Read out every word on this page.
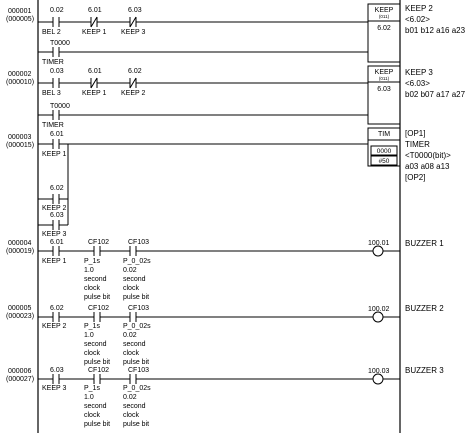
000001
(000005)
0.02
BEL 2
6.01
KEEP 1
6.03
KEEP 3
T0000
TIMER
KEEP
(011)
6.02
KEEP 2
<6.02>
b01 b12 a16 a23
000002
(000010)
0.03
BEL 3
6.01
KEEP 1
6.02
KEEP 2
T0000
TIMER
KEEP
(011)
6.03
KEEP 3
<6.03>
b02 b07 a17 a27
000003
(000015)
6.01
KEEP 1
6.02
KEEP 2
6.03
KEEP 3
TIM
0000
#50
[OP1]
TIMER
<T0000(bit)>
a03 a08 a13
[OP2]
000004
(000019)
6.01
KEEP 1
CF102
P_1s
1.0
second
clock
pulse bit
CF103
P_0_02s
0.02
second
clock
pulse bit
100.01 BUZZER 1
000005
(000023)
6.02
KEEP 2
CF102
P_1s
1.0
second
clock
pulse bit
CF103
P_0_02s
0.02
second
clock
pulse bit
100.02 BUZZER 2
000006
(000027)
6.03
KEEP 3
CF102
P_1s
1.0
second
clock
pulse bit
CF103
P_0_02s
0.02
second
clock
pulse bit
100.03 BUZZER 3
